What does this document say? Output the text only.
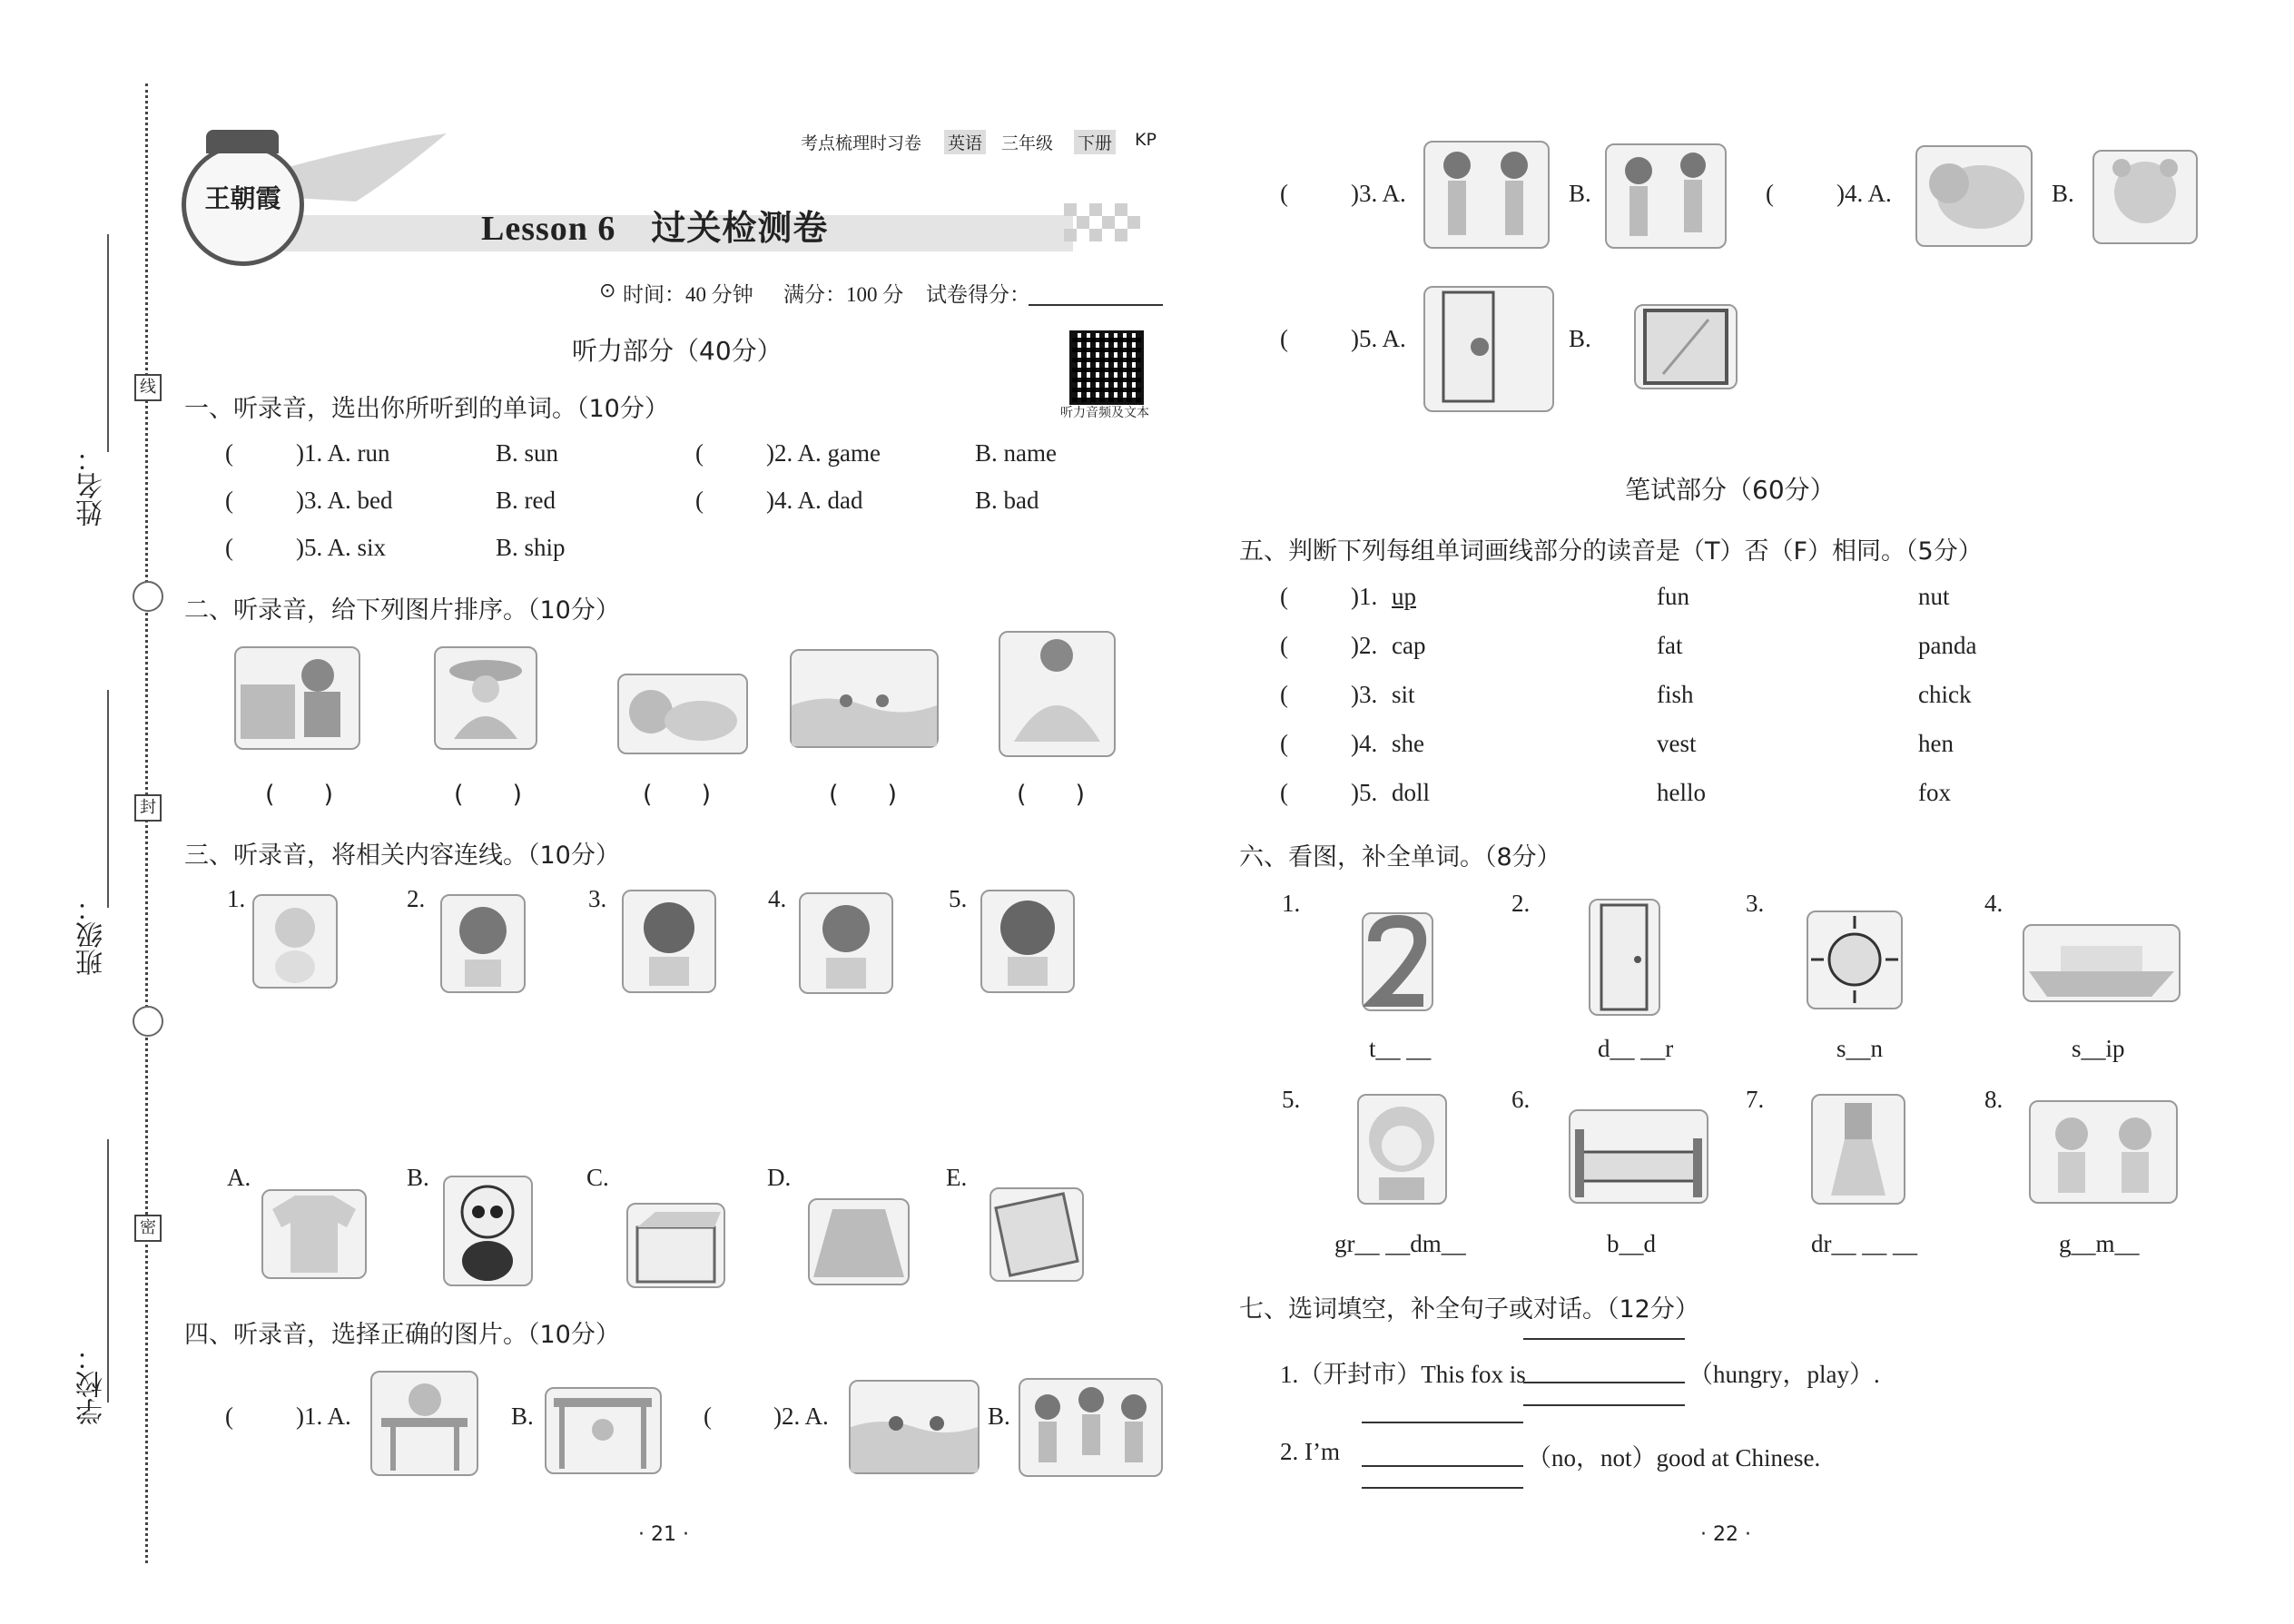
姓名：
班级：
学校：
线
封
密
王朝霞
考点梳理时习卷 英语 三年级 下册 KP
Lesson 6　过关检测卷
⊙ 时间：40 分钟 满分：100 分 试卷得分：
听力部分（40分）
听力音频及文本
一、听录音，选出你所听到的单词。（10分）
(	)1. A. run	B. sun	(	)2. A. game	B. name
(	)3. A. bed	B. red	(	)4. A. dad	B. bad
(	)5. A. six	B. ship
二、听录音，给下列图片排序。（10分）
(　　)	(　　)	(　　)	(　　)	(　　)
三、听录音，将相关内容连线。（10分）
1.	2.	3.	4.	5.
A.	B.	C.	D.	E.
四、听录音，选择正确的图片。（10分）
(	)1. A.	B.	(	)2. A.	B.
· 21 ·
(	)3. A.	B.	(	)4. A.	B.
(	)5. A.	B.
笔试部分（60分）
五、判断下列每组单词画线部分的读音是（T）否（F）相同。（5分）
(	)1. up	fun	nut
(	)2. cap	fat	panda
(	)3. sit	fish	chick
(	)4. she	vest	hen
(	)5. doll	hello	fox
六、看图，补全单词。（8分）
1.	2.	3.	4.
t__ __	d__ __r	s__n	s__ip
5.	6.	7.	8.
gr__ __dm__	b__d	dr__ __ __	g__m__
七、选词填空，补全句子或对话。（12分）
1.（开封市）This fox is	（hungry，play）.
2. I’m	（no，not）good at Chinese.
· 22 ·
